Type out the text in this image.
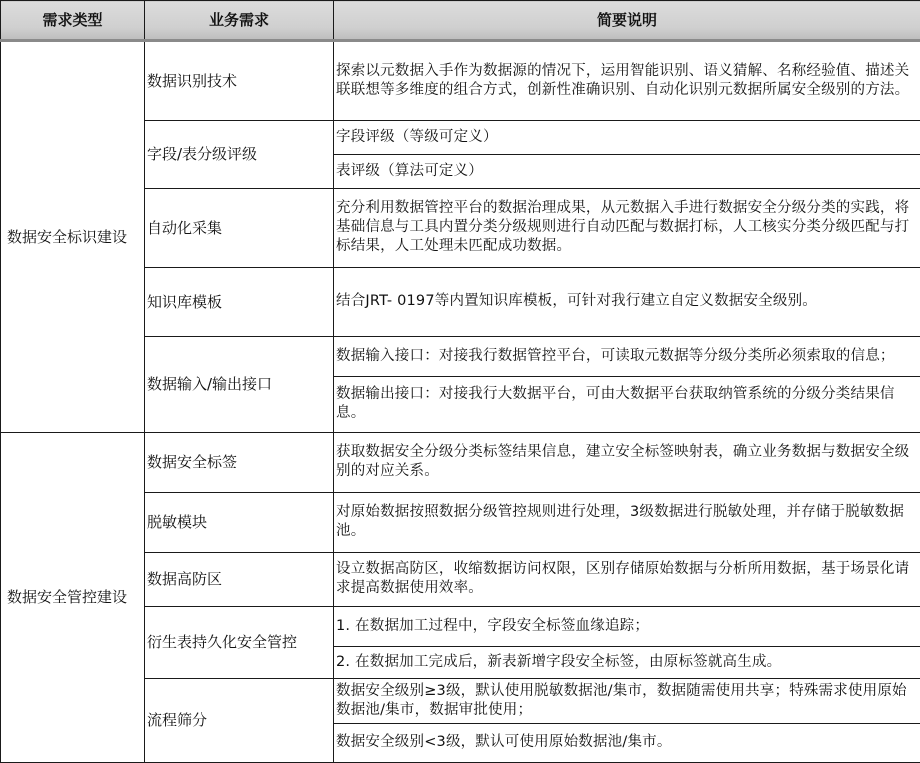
需求类型	业务需求	简要说明
数据安全标识建设	数据识别技术	探索以元数据入手作为数据源的情况下，运用智能识别、语义猜解、名称经验值、描述关联联想等多维度的组合方式，创新性准确识别、自动化识别元数据所属安全级别的方法。
	字段/表分级评级	字段评级（等级可定义）
		表评级（算法可定义）
	自动化采集	充分利用数据管控平台的数据治理成果，从元数据入手进行数据安全分级分类的实践，将基础信息与工具内置分类分级规则进行自动匹配与数据打标，人工核实分类分级匹配与打标结果，人工处理未匹配成功数据。
	知识库模板	结合JRT- 0197等内置知识库模板，可针对我行建立自定义数据安全级别。
	数据输入/输出接口	数据输入接口：对接我行数据管控平台，可读取元数据等分级分类所必须索取的信息；
		数据输出接口：对接我行大数据平台，可由大数据平台获取纳管系统的分级分类结果信息。
数据安全管控建设	数据安全标签	获取数据安全分级分类标签结果信息，建立安全标签映射表，确立业务数据与数据安全级别的对应关系。
	脱敏模块	对原始数据按照数据分级管控规则进行处理，3级数据进行脱敏处理，并存储于脱敏数据池。
	数据高防区	设立数据高防区，收缩数据访问权限，区别存储原始数据与分析所用数据，基于场景化请求提高数据使用效率。
	衍生表持久化安全管控	1. 在数据加工过程中，字段安全标签血缘追踪；
		2. 在数据加工完成后，新表新增字段安全标签，由原标签就高生成。
	流程筛分	数据安全级别≥3级，默认使用脱敏数据池/集市，数据随需使用共享；特殊需求使用原始数据池/集市，数据审批使用；
		数据安全级别<3级，默认可使用原始数据池/集市。
